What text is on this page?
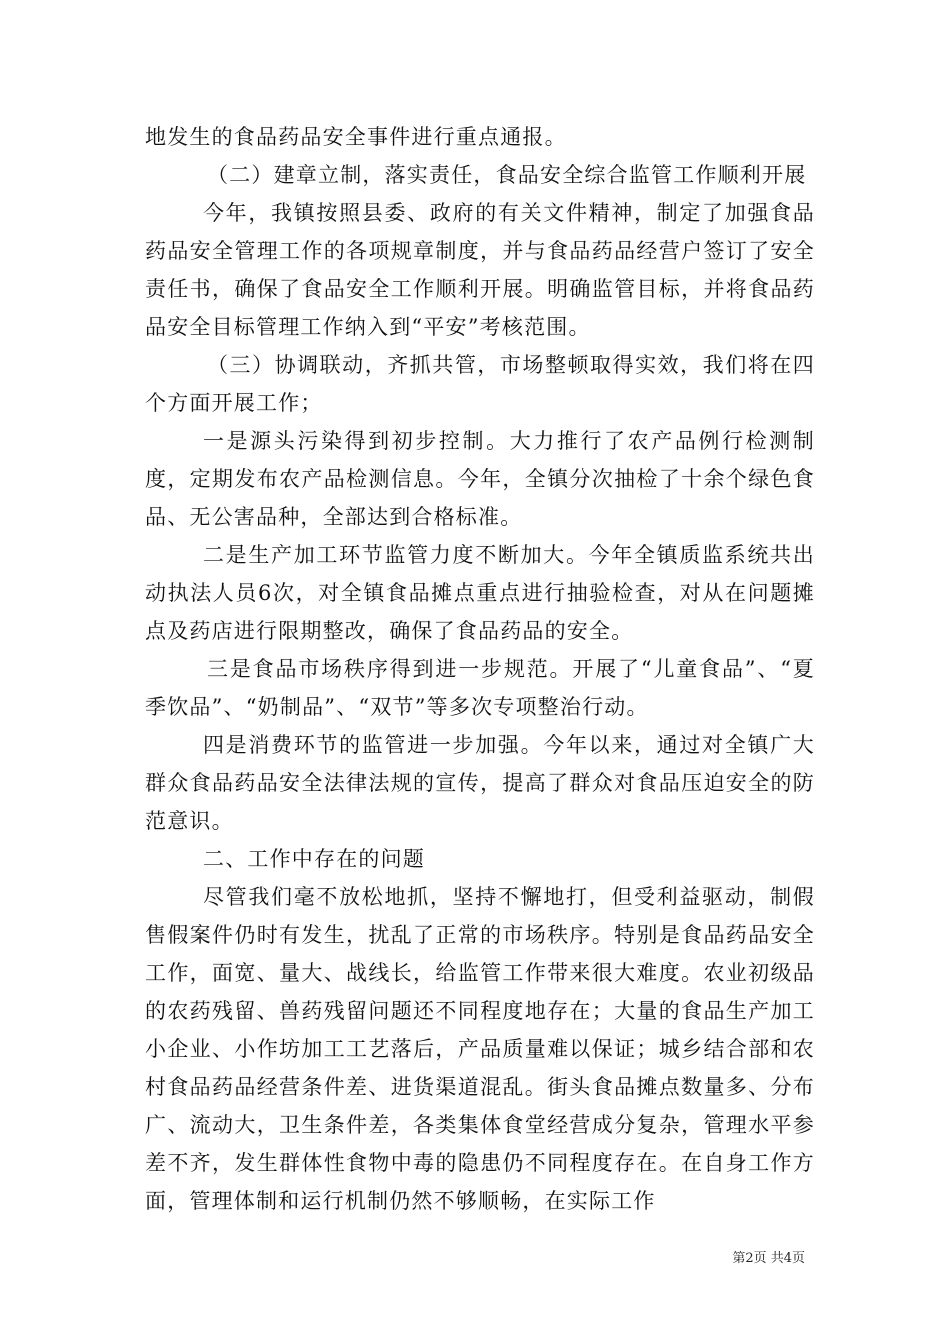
地发生的食品药品安全事件进行重点通报。

（二）建章立制，落实责任，食品安全综合监管工作顺利开展

今年，我镇按照县委、政府的有关文件精神，制定了加强食品药品安全管理工作的各项规章制度，并与食品药品经营户签订了安全责任书，确保了食品安全工作顺利开展。明确监管目标，并将食品药品安全目标管理工作纳入到“平安”考核范围。

（三）协调联动，齐抓共管，市场整顿取得实效，我们将在四个方面开展工作；

一是源头污染得到初步控制。大力推行了农产品例行检测制度，定期发布农产品检测信息。今年，全镇分次抽检了十余个绿色食品、无公害品种，全部达到合格标准。

二是生产加工环节监管力度不断加大。今年全镇质监系统共出动执法人员6次，对全镇食品摊点重点进行抽验检查，对从在问题摊点及药店进行限期整改，确保了食品药品的安全。

三是食品市场秩序得到进一步规范。开展了“儿童食品”、“夏季饮品”、“奶制品”、“双节”等多次专项整治行动。

四是消费环节的监管进一步加强。今年以来，通过对全镇广大群众食品药品安全法律法规的宣传，提高了群众对食品压迫安全的防范意识。

二、工作中存在的问题

尽管我们毫不放松地抓，坚持不懈地打，但受利益驱动，制假售假案件仍时有发生，扰乱了正常的市场秩序。特别是食品药品安全工作，面宽、量大、战线长，给监管工作带来很大难度。农业初级品的农药残留、兽药残留问题还不同程度地存在；大量的食品生产加工小企业、小作坊加工工艺落后，产品质量难以保证；城乡结合部和农村食品药品经营条件差、进货渠道混乱。街头食品摊点数量多、分布广、流动大，卫生条件差，各类集体食堂经营成分复杂，管理水平参差不齐，发生群体性食物中毒的隐患仍不同程度存在。在自身工作方面，管理体制和运行机制仍然不够顺畅，在实际工作

第2页 共4页
